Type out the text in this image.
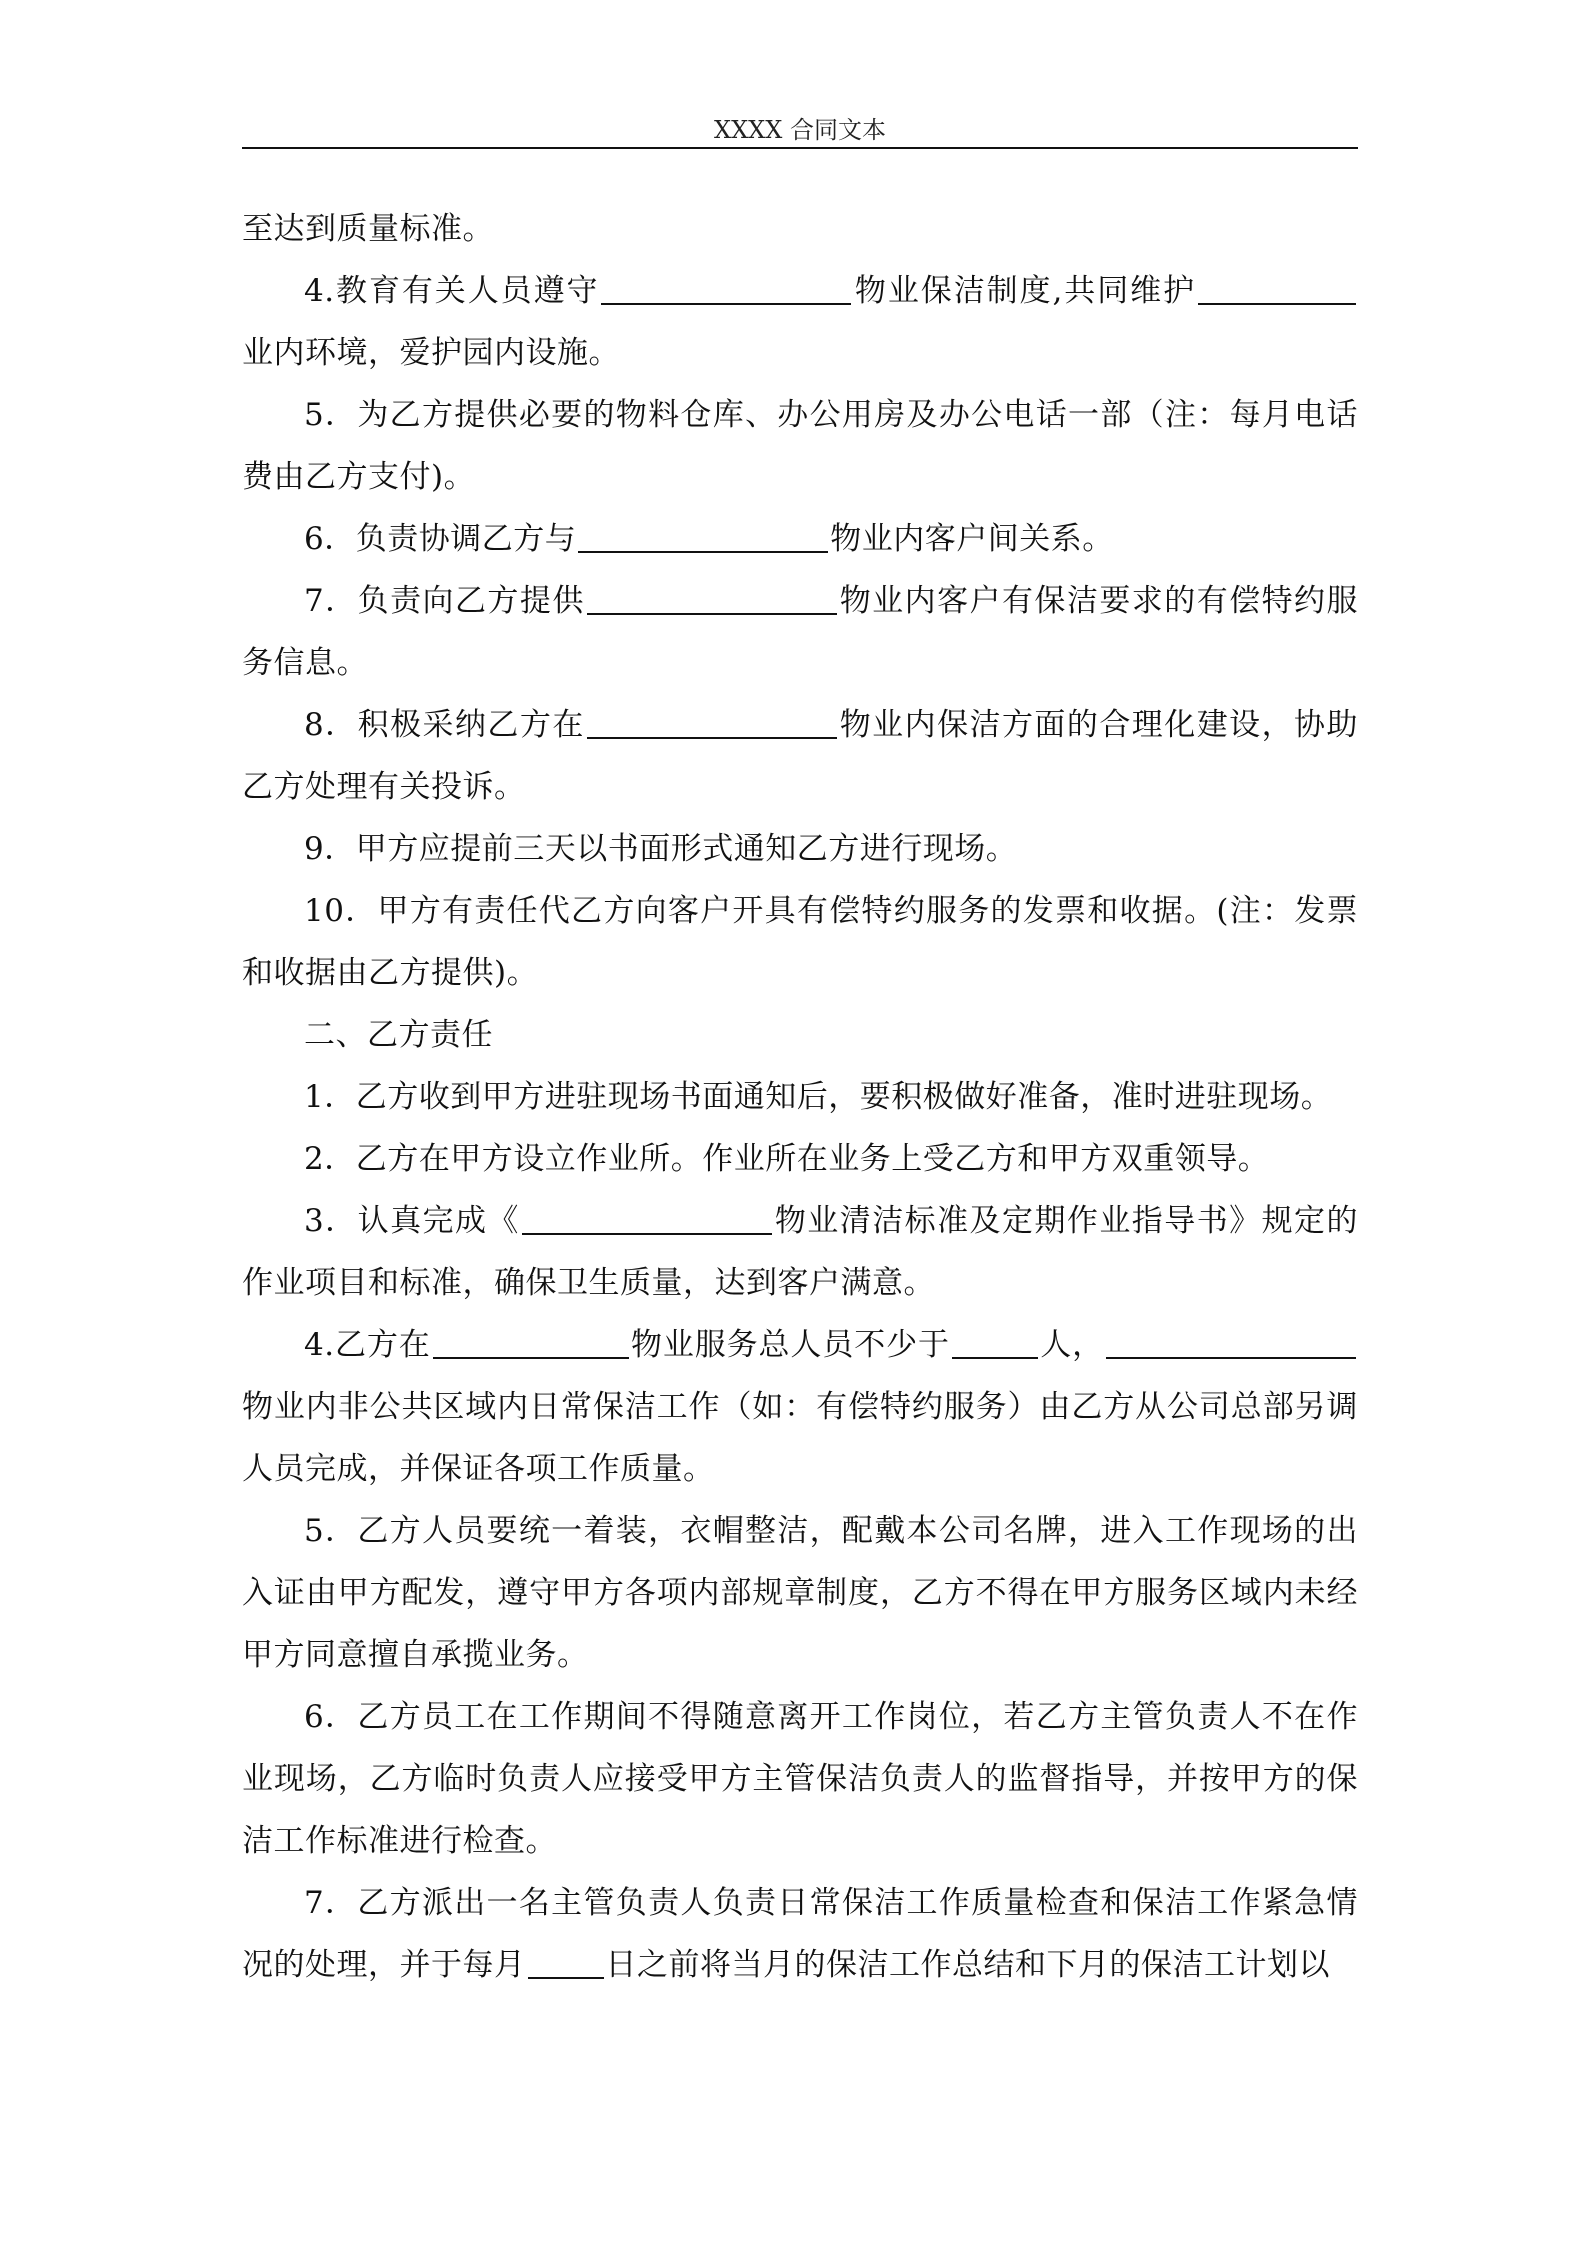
XXXX 合同文本

至达到质量标准。

4.教育有关人员遵守	物业保洁制度,共同维护 业内环境，爱护园内设施。

5．为乙方提供必要的物料仓库、办公用房及办公电话一部（注：每月电话费由乙方支付)。

6．负责协调乙方与	物业内客户间关系。

7．负责向乙方提供	物业内客户有保洁要求的有偿特约服务信息。

8．积极采纳乙方在	物业内保洁方面的合理化建设，协助乙方处理有关投诉。

9．甲方应提前三天以书面形式通知乙方进行现场。

10．甲方有责任代乙方向客户开具有偿特约服务的发票和收据。(注：发票和收据由乙方提供)。

二、乙方责任

1．乙方收到甲方进驻现场书面通知后，要积极做好准备，准时进驻现场。

2．乙方在甲方设立作业所。作业所在业务上受乙方和甲方双重领导。

3．认真完成《	物业清洁标准及定期作业指导书》规定的作业项目和标准，确保卫生质量，达到客户满意。

4.乙方在	物业服务总人员不少于	人， 物业内非公共区域内日常保洁工作（如：有偿特约服务）由乙方从公司总部另调人员完成，并保证各项工作质量。

5．乙方人员要统一着装，衣帽整洁，配戴本公司名牌，进入工作现场的出入证由甲方配发，遵守甲方各项内部规章制度，乙方不得在甲方服务区域内未经甲方同意擅自承揽业务。

6．乙方员工在工作期间不得随意离开工作岗位，若乙方主管负责人不在作业现场，乙方临时负责人应接受甲方主管保洁负责人的监督指导，并按甲方的保洁工作标准进行检查。

7．乙方派出一名主管负责人负责日常保洁工作质量检查和保洁工作紧急情况的处理，并于每月	日之前将当月的保洁工作总结和下月的保洁工计划以
